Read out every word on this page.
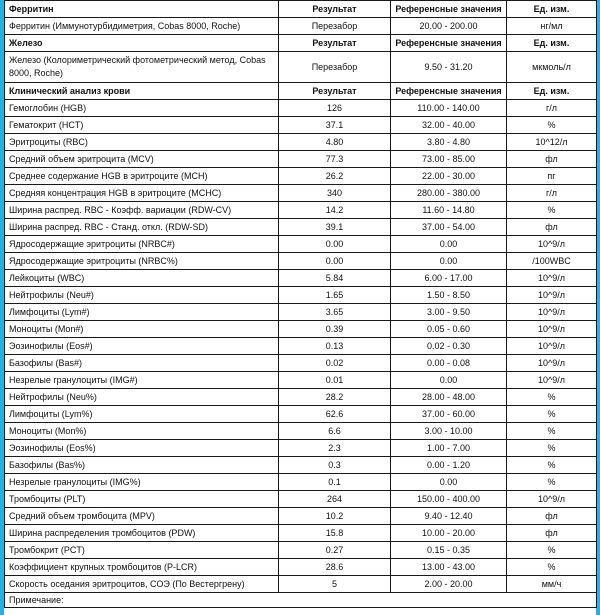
Ферритин	Результат	Референсные значения	Ед. изм.
Ферритин (Иммунотурбидиметрия, Cobas 8000, Roche)	Перезабор	20.00 - 200.00	нг/мл
Железо	Результат	Референсные значения	Ед. изм.
Железо (Колориметрический фотометрический метод, Cobas 8000, Roche)	Перезабор	9.50 - 31.20	мкмоль/л
Клинический анализ крови	Результат	Референсные значения	Ед. изм.
Гемоглобин (HGB)	126	110.00 - 140.00	г/л
Гематокрит (HCT)	37.1	32.00 - 40.00	%
Эритроциты (RBC)	4.80	3.80 - 4.80	10^12/л
Средний объем эритроцита (MCV)	77.3	73.00 - 85.00	фл
Среднее содержание HGB в эритроците (MCH)	26.2	22.00 - 30.00	пг
Средняя концентрация HGB в эритроците (MCHC)	340	280.00 - 380.00	г/л
Ширина распред. RBC - Коэфф. вариации (RDW-CV)	14.2	11.60 - 14.80	%
Ширина распред. RBC - Станд. откл. (RDW-SD)	39.1	37.00 - 54.00	фл
Ядросодержащие эритроциты (NRBC#)	0.00	0.00	10^9/л
Ядросодержащие эритроциты (NRBC%)	0.00	0.00	/100WBC
Лейкоциты (WBC)	5.84	6.00 - 17.00	10^9/л
Нейтрофилы (Neu#)	1.65	1.50 - 8.50	10^9/л
Лимфоциты (Lym#)	3.65	3.00 - 9.50	10^9/л
Моноциты (Mon#)	0.39	0.05 - 0.60	10^9/л
Эозинофилы (Eos#)	0.13	0.02 - 0.30	10^9/л
Базофилы (Bas#)	0.02	0.00 - 0.08	10^9/л
Незрелые гранулоциты (IMG#)	0.01	0.00	10^9/л
Нейтрофилы (Neu%)	28.2	28.00 - 48.00	%
Лимфоциты (Lym%)	62.6	37.00 - 60.00	%
Моноциты (Mon%)	6.6	3.00 - 10.00	%
Эозинофилы (Eos%)	2.3	1.00 - 7.00	%
Базофилы (Bas%)	0.3	0.00 - 1.20	%
Незрелые гранулоциты (IMG%)	0.1	0.00	%
Тромбоциты (PLT)	264	150.00 - 400.00	10^9/л
Средний объем тромбоцита (MPV)	10.2	9.40 - 12.40	фл
Ширина распределения тромбоцитов (PDW)	15.8	10.00 - 20.00	фл
Тромбокрит (PCT)	0.27	0.15 - 0.35	%
Коэффициент крупных тромбоцитов (P-LCR)	28.6	13.00 - 43.00	%
Скорость оседания эритроцитов, СОЭ (По Вестергрену)	5	2.00 - 20.00	мм/ч
Примечание:			
